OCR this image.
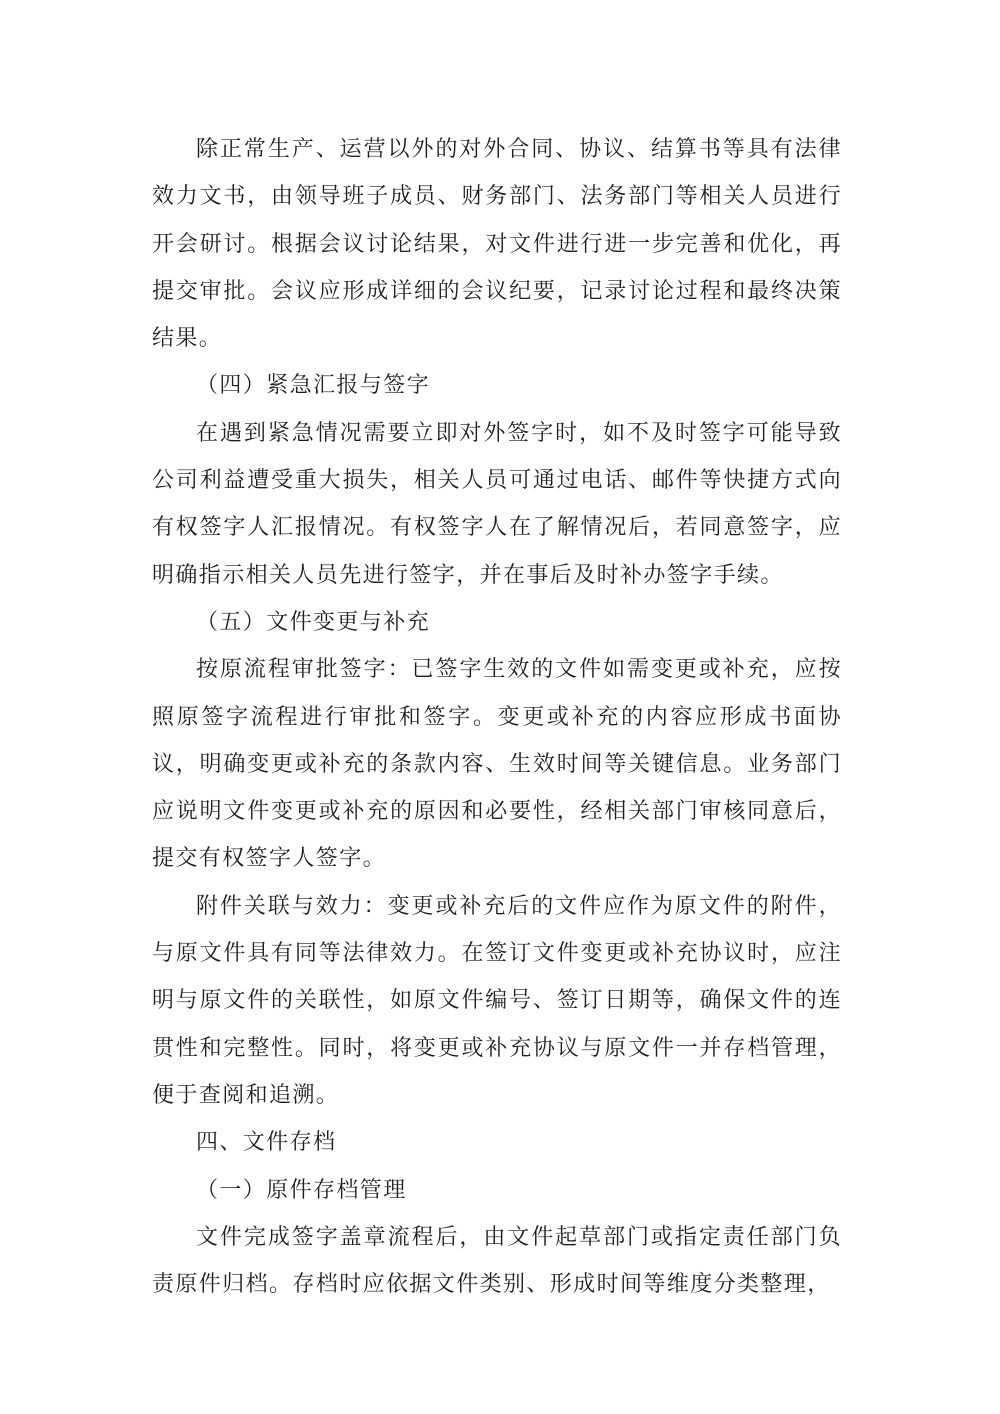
除正常生产、运营以外的对外合同、协议、结算书等具有法律效力文书，由领导班子成员、财务部门、法务部门等相关人员进行开会研讨。根据会议讨论结果，对文件进行进一步完善和优化，再提交审批。会议应形成详细的会议纪要，记录讨论过程和最终决策结果。

（四）紧急汇报与签字

在遇到紧急情况需要立即对外签字时，如不及时签字可能导致公司利益遭受重大损失，相关人员可通过电话、邮件等快捷方式向有权签字人汇报情况。有权签字人在了解情况后，若同意签字，应明确指示相关人员先进行签字，并在事后及时补办签字手续。

（五）文件变更与补充

按原流程审批签字：已签字生效的文件如需变更或补充，应按照原签字流程进行审批和签字。变更或补充的内容应形成书面协议，明确变更或补充的条款内容、生效时间等关键信息。业务部门应说明文件变更或补充的原因和必要性，经相关部门审核同意后，提交有权签字人签字。

附件关联与效力：变更或补充后的文件应作为原文件的附件，与原文件具有同等法律效力。在签订文件变更或补充协议时，应注明与原文件的关联性，如原文件编号、签订日期等，确保文件的连贯性和完整性。同时，将变更或补充协议与原文件一并存档管理，便于查阅和追溯。

四、文件存档

（一）原件存档管理

文件完成签字盖章流程后，由文件起草部门或指定责任部门负责原件归档。存档时应依据文件类别、形成时间等维度分类整理，
